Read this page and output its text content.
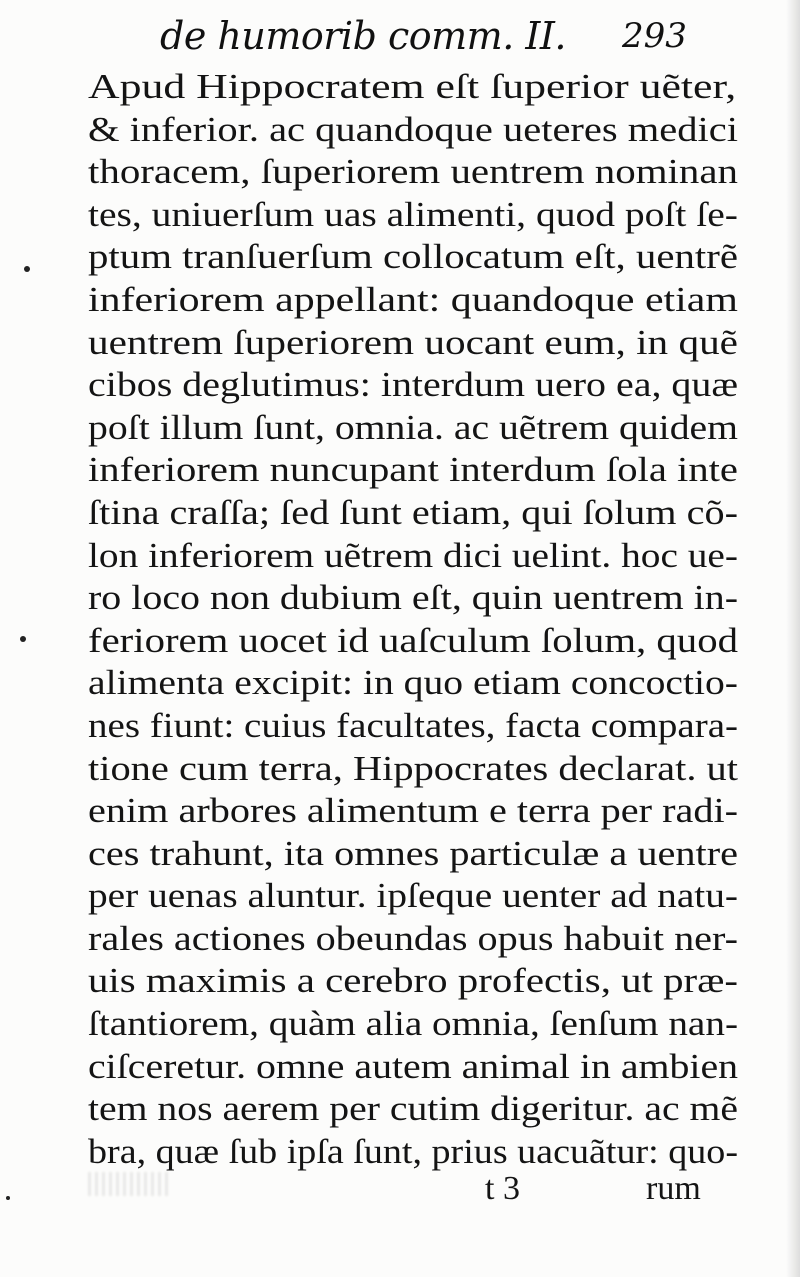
de humorib comm. II. 293
Apud Hippocratem eſt ſuperior uẽter,
& inferior. ac quandoque ueteres medici
thoracem, ſuperiorem uentrem nominan
tes, uniuerſum uas alimenti, quod poſt ſe-
ptum tranſuerſum collocatum eſt, uentrẽ
inferiorem appellant: quandoque etiam
uentrem ſuperiorem uocant eum, in quẽ
cibos deglutimus: interdum uero ea, quæ
poſt illum ſunt, omnia. ac uẽtrem quidem
inferiorem nuncupant interdum ſola inte
ſtina craſſa; ſed ſunt etiam, qui ſolum cõ-
lon inferiorem uẽtrem dici uelint. hoc ue-
ro loco non dubium eſt, quin uentrem in-
feriorem uocet id uaſculum ſolum, quod
alimenta excipit: in quo etiam concoctio-
nes fiunt: cuius facultates, facta compara-
tione cum terra, Hippocrates declarat. ut
enim arbores alimentum e terra per radi-
ces trahunt, ita omnes particulæ a uentre
per uenas aluntur. ipſeque uenter ad natu-
rales actiones obeundas opus habuit ner-
uis maximis a cerebro profectis, ut præ-
ſtantiorem, quàm alia omnia, ſenſum nan-
ciſceretur. omne autem animal in ambien
tem nos aerem per cutim digeritur. ac mẽ
bra, quæ ſub ipſa ſunt, prius uacuãtur: quo-
t 3	rum
